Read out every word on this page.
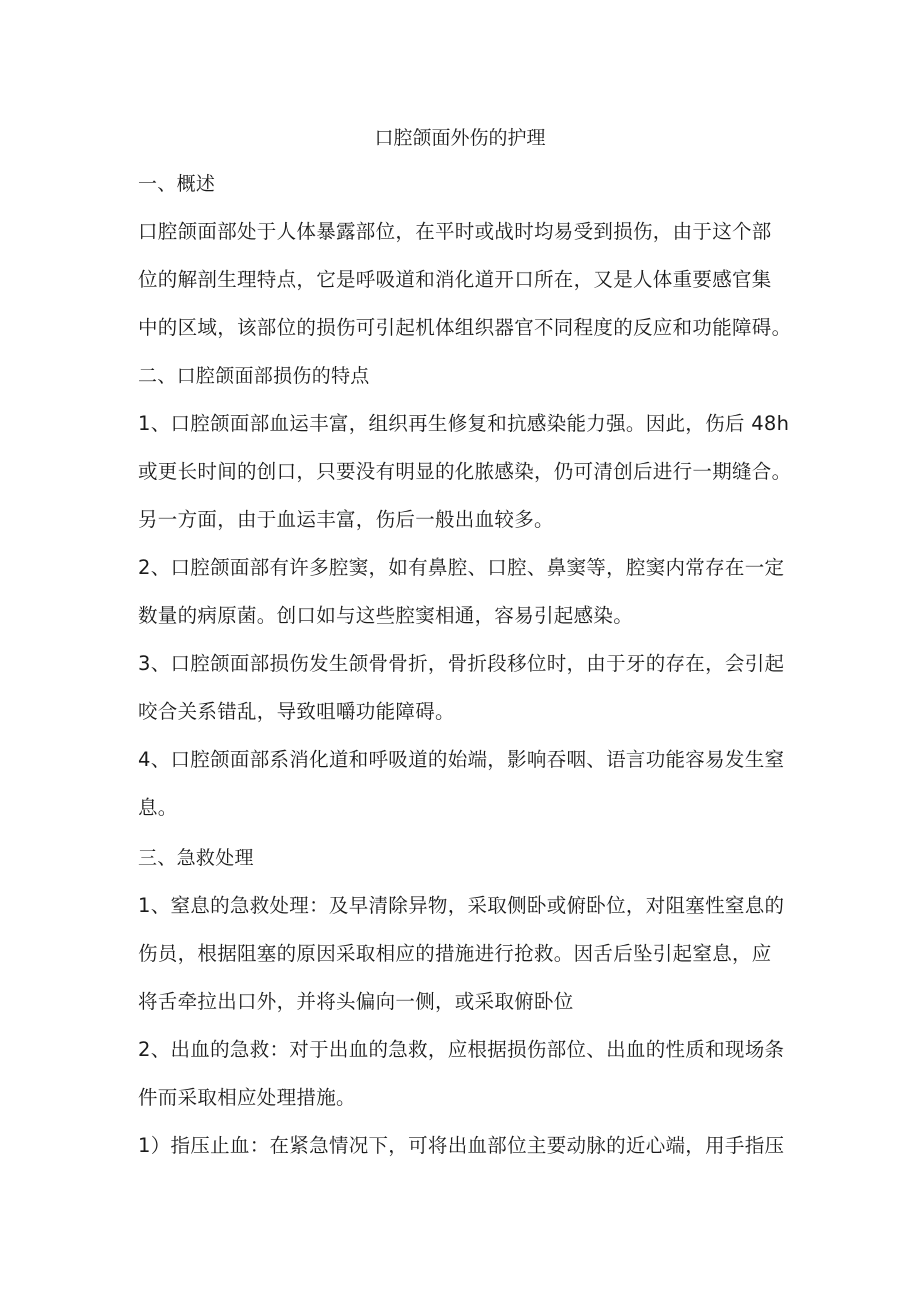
口腔颌面外伤的护理
一、概述
口腔颌面部处于人体暴露部位，在平时或战时均易受到损伤，由于这个部
位的解剖生理特点，它是呼吸道和消化道开口所在，又是人体重要感官集
中的区域，该部位的损伤可引起机体组织器官不同程度的反应和功能障碍。
二、口腔颌面部损伤的特点
1、口腔颌面部血运丰富，组织再生修复和抗感染能力强。因此，伤后 48h
或更长时间的创口，只要没有明显的化脓感染，仍可清创后进行一期缝合。
另一方面，由于血运丰富，伤后一般出血较多。
2、口腔颌面部有许多腔窦，如有鼻腔、口腔、鼻窦等，腔窦内常存在一定
数量的病原菌。创口如与这些腔窦相通，容易引起感染。
3、口腔颌面部损伤发生颌骨骨折，骨折段移位时，由于牙的存在，会引起
咬合关系错乱，导致咀嚼功能障碍。
4、口腔颌面部系消化道和呼吸道的始端，影响吞咽、语言功能容易发生窒
息。
三、急救处理
1、窒息的急救处理：及早清除异物，采取侧卧或俯卧位，对阻塞性窒息的
伤员，根据阻塞的原因采取相应的措施进行抢救。因舌后坠引起窒息，应
将舌牵拉出口外，并将头偏向一侧，或采取俯卧位
2、出血的急救：对于出血的急救，应根据损伤部位、出血的性质和现场条
件而采取相应处理措施。
1）指压止血：在紧急情况下，可将出血部位主要动脉的近心端，用手指压
